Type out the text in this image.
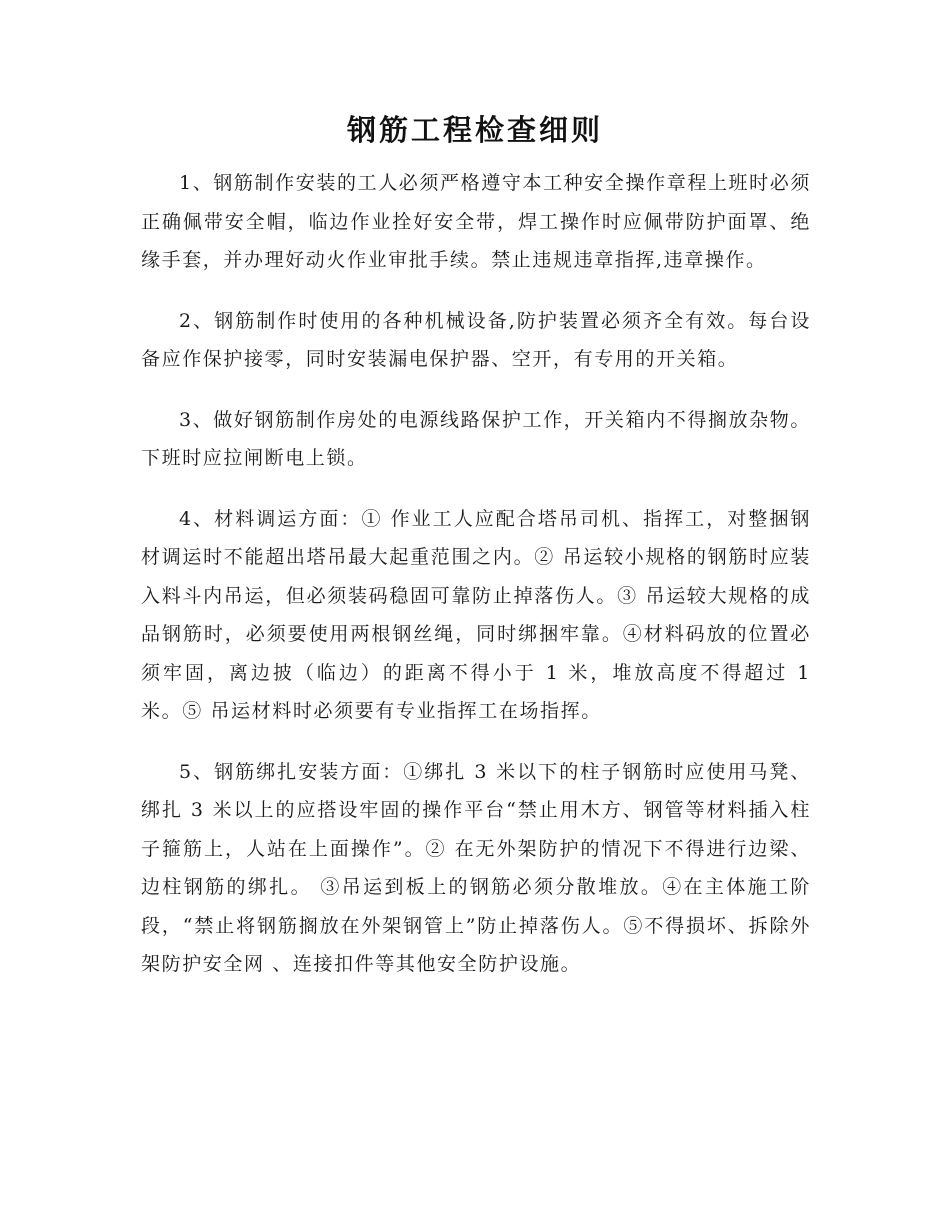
钢筋工程检查细则

1、钢筋制作安装的工人必须严格遵守本工种安全操作章程上班时必须正确佩带安全帽，临边作业拴好安全带，焊工操作时应佩带防护面罩、绝缘手套，并办理好动火作业审批手续。禁止违规违章指挥,违章操作。

2、钢筋制作时使用的各种机械设备,防护装置必须齐全有效。每台设备应作保护接零，同时安装漏电保护器、空开，有专用的开关箱。

3、做好钢筋制作房处的电源线路保护工作，开关箱内不得搁放杂物。下班时应拉闸断电上锁。

4、材料调运方面：① 作业工人应配合塔吊司机、指挥工，对整捆钢材调运时不能超出塔吊最大起重范围之内。② 吊运较小规格的钢筋时应装入料斗内吊运，但必须装码稳固可靠防止掉落伤人。③ 吊运较大规格的成品钢筋时，必须要使用两根钢丝绳，同时绑捆牢靠。④材料码放的位置必须牢固，离边披（临边）的距离不得小于 1 米，堆放高度不得超过 1 米。⑤ 吊运材料时必须要有专业指挥工在场指挥。

5、钢筋绑扎安装方面：①绑扎 3 米以下的柱子钢筋时应使用马凳、绑扎 3 米以上的应搭设牢固的操作平台“禁止用木方、钢管等材料插入柱子箍筋上，人站在上面操作”。② 在无外架防护的情况下不得进行边梁、边柱钢筋的绑扎。 ③吊运到板上的钢筋必须分散堆放。④在主体施工阶段，“禁止将钢筋搁放在外架钢管上”防止掉落伤人。⑤不得损坏、拆除外架防护安全网 、连接扣件等其他安全防护设施。
